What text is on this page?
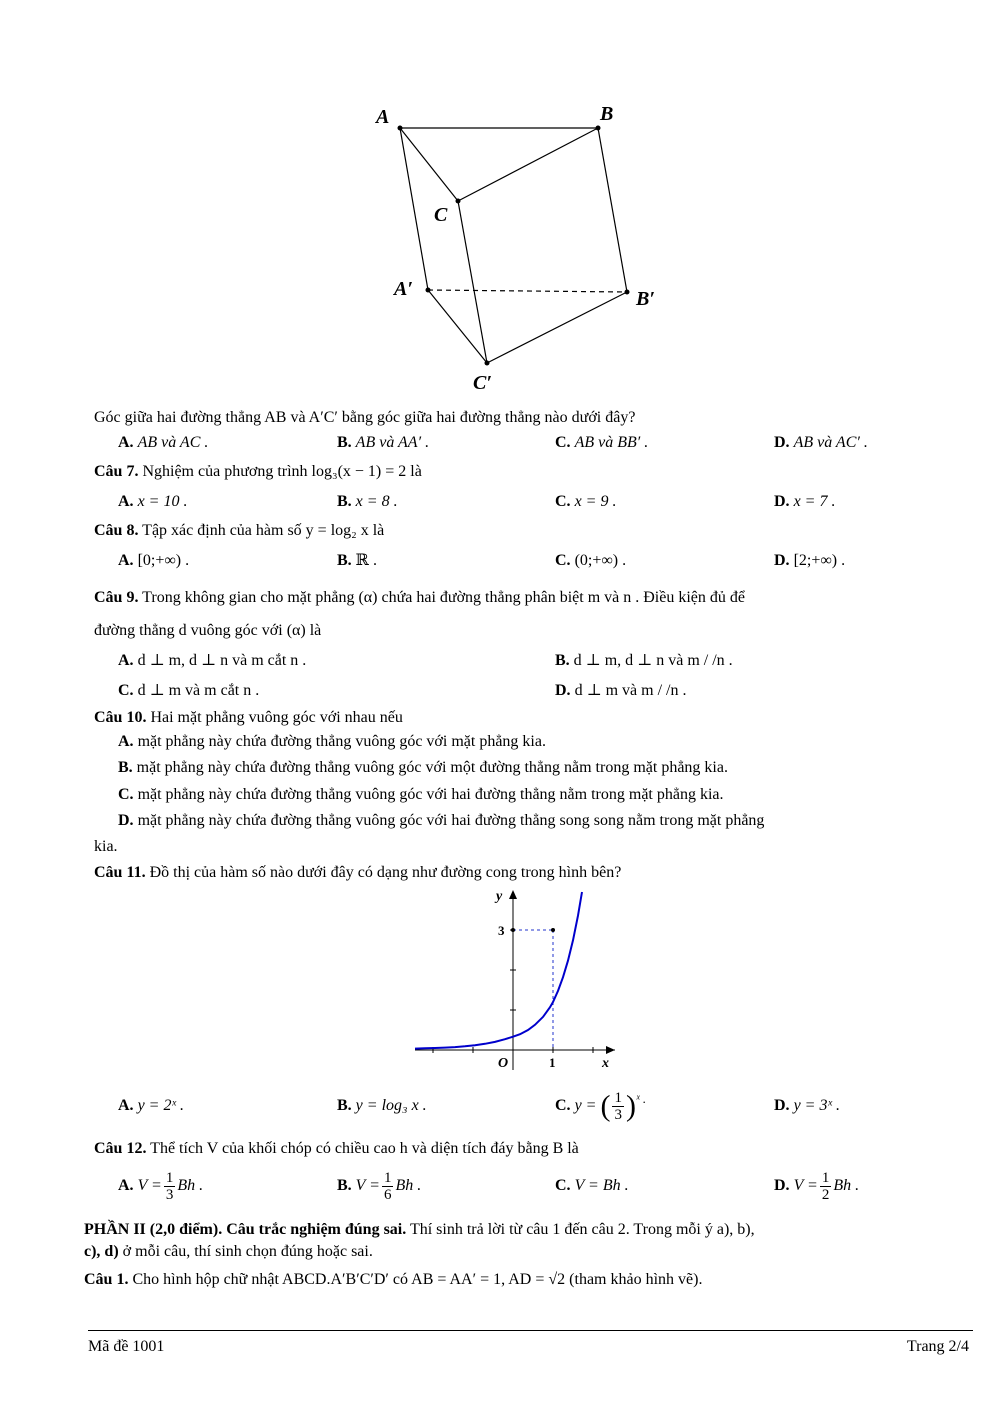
A	B
C
A′	B′
C′
Góc giữa hai đường thẳng AB và A′C′ bằng góc giữa hai đường thẳng nào dưới đây?
A. AB và AC .	B. AB và AA′ .	C. AB và BB′ .	D. AB và AC′ .
Câu 7. Nghiệm của phương trình log₃(x − 1) = 2 là
A. x = 10 .	B. x = 8 .	C. x = 9 .	D. x = 7 .
Câu 8. Tập xác định của hàm số y = log₂ x là
A. [0;+∞) .	B. ℝ .	C. (0;+∞) .	D. [2;+∞) .
Câu 9. Trong không gian cho mặt phẳng (α) chứa hai đường thẳng phân biệt m và n . Điều kiện đủ để
đường thẳng d vuông góc với (α) là
A. d ⊥ m, d ⊥ n và m cắt n .	B. d ⊥ m, d ⊥ n và m / /n .
C. d ⊥ m và m cắt n .	D. d ⊥ m và m / /n .
Câu 10. Hai mặt phẳng vuông góc với nhau nếu
A. mặt phẳng này chứa đường thẳng vuông góc với mặt phẳng kia.
B. mặt phẳng này chứa đường thẳng vuông góc với một đường thẳng nằm trong mặt phẳng kia.
C. mặt phẳng này chứa đường thẳng vuông góc với hai đường thẳng nằm trong mặt phẳng kia.
D. mặt phẳng này chứa đường thẳng vuông góc với hai đường thẳng song song nằm trong mặt phẳng
kia.
Câu 11. Đồ thị của hàm số nào dưới đây có dạng như đường cong trong hình bên?
y
x
O	1
3
A. y = 2ˣ .	B. y = log₃ x .	C. y = ( $\frac{1}{3} )^{ˣ .}$	D. y = 3ˣ .
Câu 12. Thể tích V của khối chóp có chiều cao h và diện tích đáy bằng B là
A. $V = \frac{1}{3}$ Bh .	B. $V = \frac{1}{6}$ Bh .	C. V = Bh .	D. $V = \frac{1}{2}$ Bh .
PHẦN II (2,0 điểm). Câu trắc nghiệm đúng sai. Thí sinh trả lời từ câu 1 đến câu 2. Trong mỗi ý a), b),
c), d) ở mỗi câu, thí sinh chọn đúng hoặc sai.
Câu 1. Cho hình hộp chữ nhật ABCD.A′B′C′D′ có AB = AA′ = 1, AD = √2 (tham khảo hình vẽ).
Mã đề 1001	Trang 2/4
